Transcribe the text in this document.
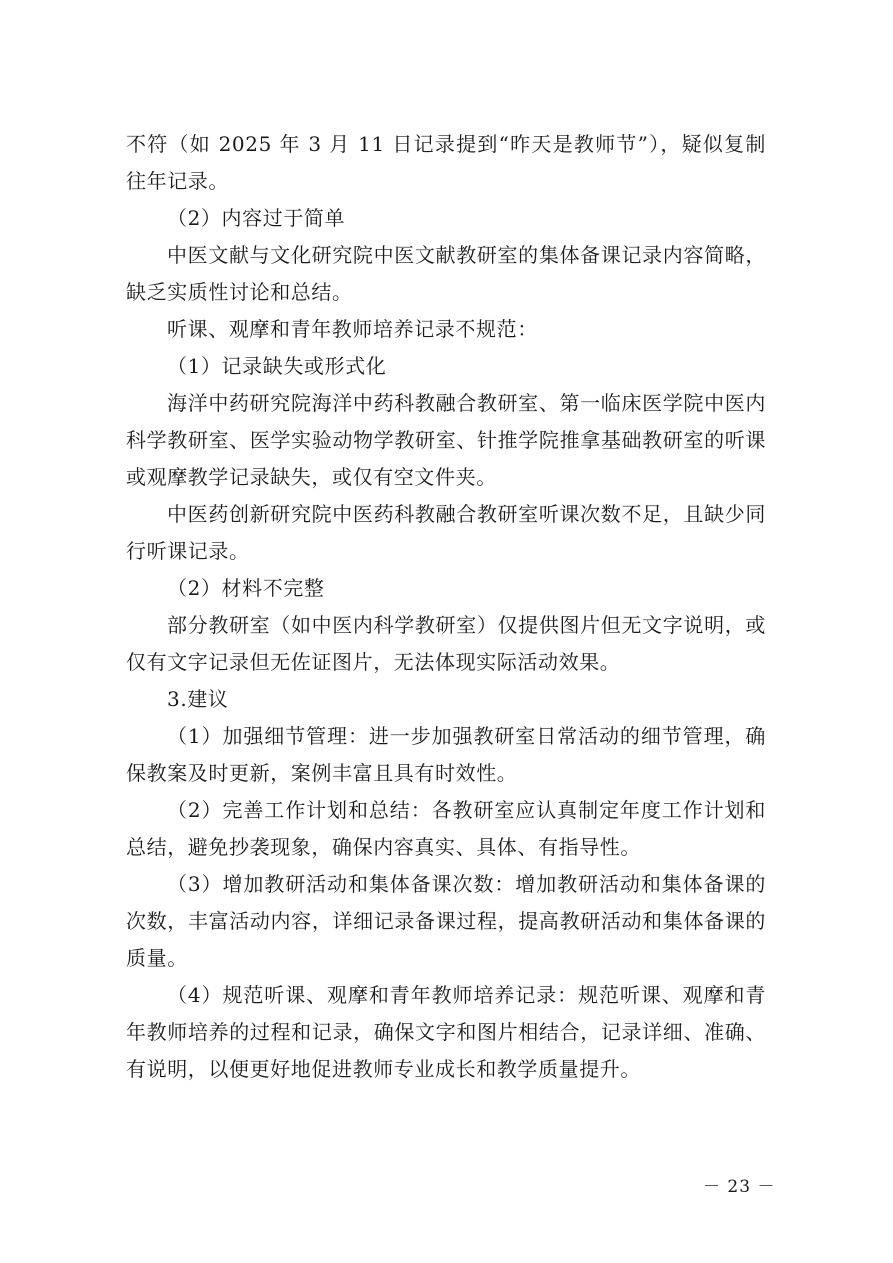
不符（如 2025 年 3 月 11 日记录提到“昨天是教师节”），疑似复制往年记录。

（2）内容过于简单

中医文献与文化研究院中医文献教研室的集体备课记录内容简略，缺乏实质性讨论和总结。

听课、观摩和青年教师培养记录不规范：

（1）记录缺失或形式化

海洋中药研究院海洋中药科教融合教研室、第一临床医学院中医内科学教研室、医学实验动物学教研室、针推学院推拿基础教研室的听课或观摩教学记录缺失，或仅有空文件夹。

中医药创新研究院中医药科教融合教研室听课次数不足，且缺少同行听课记录。

（2）材料不完整

部分教研室（如中医内科学教研室）仅提供图片但无文字说明，或仅有文字记录但无佐证图片，无法体现实际活动效果。

3.建议

（1）加强细节管理：进一步加强教研室日常活动的细节管理，确保教案及时更新，案例丰富且具有时效性。

（2）完善工作计划和总结：各教研室应认真制定年度工作计划和总结，避免抄袭现象，确保内容真实、具体、有指导性。

（3）增加教研活动和集体备课次数：增加教研活动和集体备课的次数，丰富活动内容，详细记录备课过程，提高教研活动和集体备课的质量。

（4）规范听课、观摩和青年教师培养记录：规范听课、观摩和青年教师培养的过程和记录，确保文字和图片相结合，记录详细、准确、有说明，以便更好地促进教师专业成长和教学质量提升。

－ 23 －
